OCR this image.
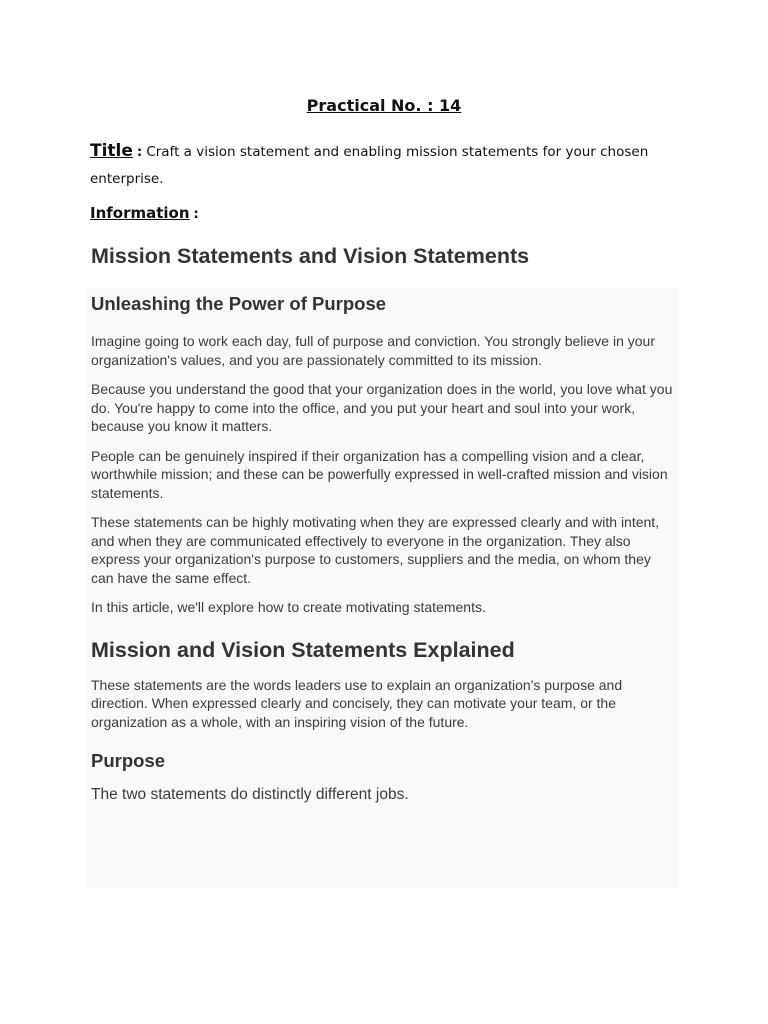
Practical No. : 14
Title : Craft a vision statement and enabling mission statements for your chosen enterprise.
Information :
Mission Statements and Vision Statements
Unleashing the Power of Purpose

Imagine going to work each day, full of purpose and conviction. You strongly believe in your organization's values, and you are passionately committed to its mission.

Because you understand the good that your organization does in the world, you love what you do. You're happy to come into the office, and you put your heart and soul into your work, because you know it matters.

People can be genuinely inspired if their organization has a compelling vision and a clear, worthwhile mission; and these can be powerfully expressed in well-crafted mission and vision statements.

These statements can be highly motivating when they are expressed clearly and with intent, and when they are communicated effectively to everyone in the organization. They also express your organization's purpose to customers, suppliers and the media, on whom they can have the same effect.

In this article, we'll explore how to create motivating statements.

Mission and Vision Statements Explained

These statements are the words leaders use to explain an organization's purpose and direction. When expressed clearly and concisely, they can motivate your team, or the organization as a whole, with an inspiring vision of the future.

Purpose

The two statements do distinctly different jobs.
